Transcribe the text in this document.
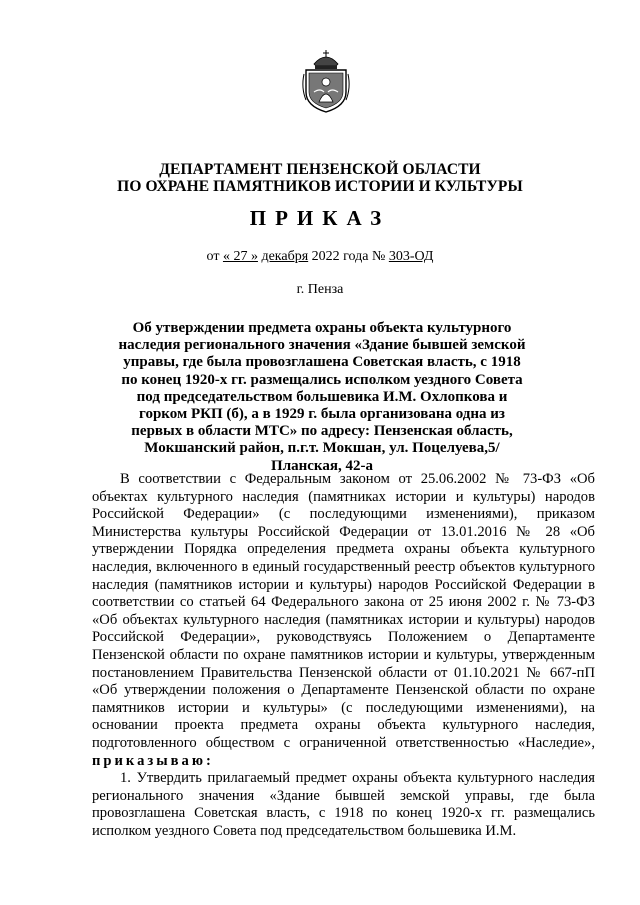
ДЕПАРТАМЕНТ ПЕНЗЕНСКОЙ ОБЛАСТИ
ПО ОХРАНЕ ПАМЯТНИКОВ ИСТОРИИ И КУЛЬТУРЫ
ПРИКАЗ
от « 27 » декабря 2022 года № 303-ОД
г. Пенза
Об утверждении предмета охраны объекта культурного наследия регионального значения «Здание бывшей земской управы, где была провозглашена Советская власть, с 1918 по конец 1920-х гг. размещались исполком уездного Совета под председательством большевика И.М. Охлопкова и горком РКП (б), а в 1929 г. была организована одна из первых в области МТС» по адресу: Пензенская область, Мокшанский район, п.г.т. Мокшан, ул. Поцелуева,5/Планская, 42-а

В соответствии с Федеральным законом от 25.06.2002 № 73-ФЗ «Об объектах культурного наследия (памятниках истории и культуры) народов Российской Федерации» (с последующими изменениями), приказом Министерства культуры Российской Федерации от 13.01.2016 № 28 «Об утверждении Порядка определения предмета охраны объекта культурного наследия, включенного в единый государственный реестр объектов культурного наследия (памятников истории и культуры) народов Российской Федерации в соответствии со статьей 64 Федерального закона от 25 июня 2002 г. № 73-ФЗ «Об объектах культурного наследия (памятниках истории и культуры) народов Российской Федерации», руководствуясь Положением о Департаменте Пензенской области по охране памятников истории и культуры, утвержденным постановлением Правительства Пензенской области от 01.10.2021 № 667-пП «Об утверждении положения о Департаменте Пензенской области по охране памятников истории и культуры» (с последующими изменениями), на основании проекта предмета охраны объекта культурного наследия, подготовленного обществом с ограниченной ответственностью «Наследие», приказываю:

1. Утвердить прилагаемый предмет охраны объекта культурного наследия регионального значения «Здание бывшей земской управы, где была провозглашена Советская власть, с 1918 по конец 1920-х гг. размещались исполком уездного Совета под председательством большевика И.М.
